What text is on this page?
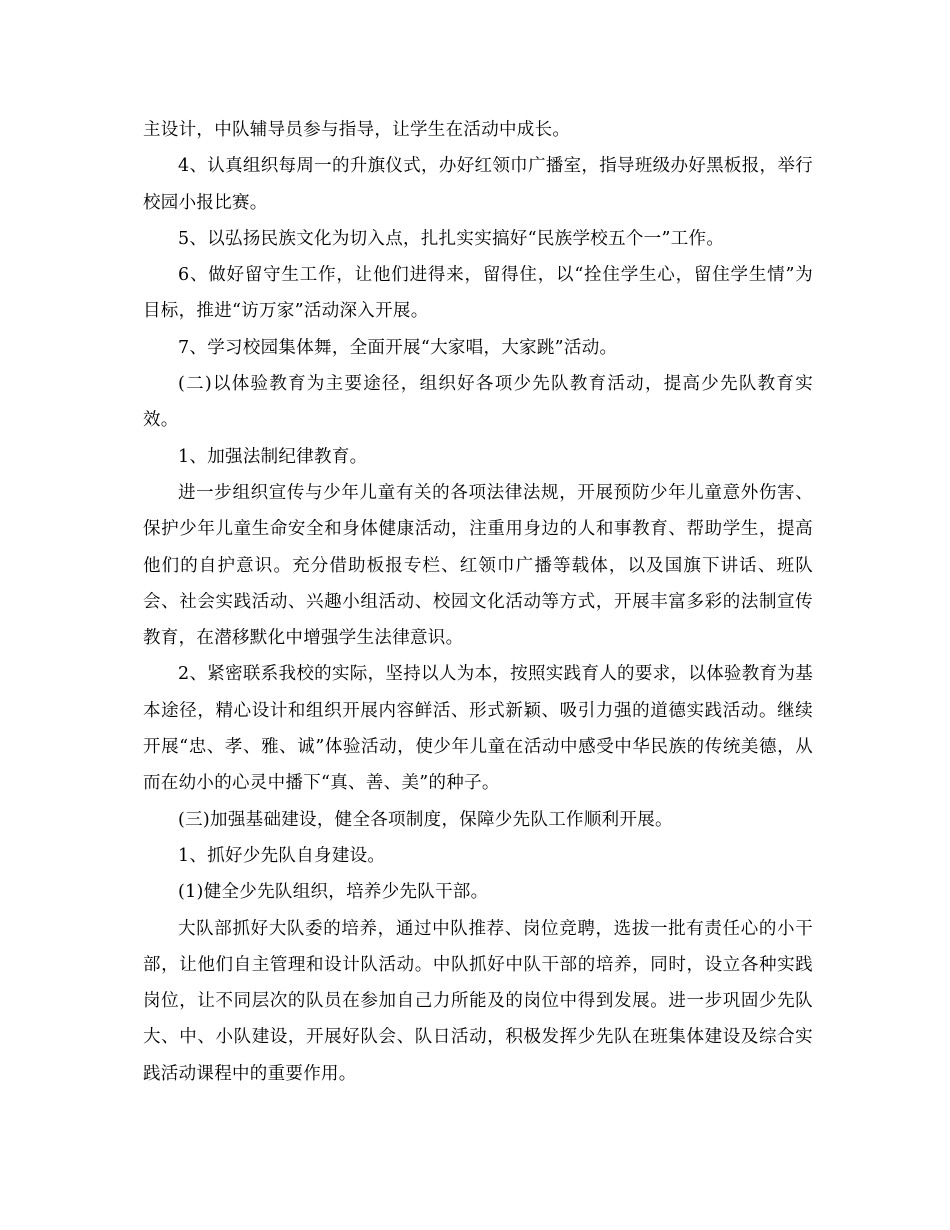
主设计，中队辅导员参与指导，让学生在活动中成长。

4、认真组织每周一的升旗仪式，办好红领巾广播室，指导班级办好黑板报，举行校园小报比赛。

5、以弘扬民族文化为切入点，扎扎实实搞好“民族学校五个一”工作。

6、做好留守生工作，让他们进得来，留得住，以“拴住学生心，留住学生情”为目标，推进“访万家”活动深入开展。

7、学习校园集体舞，全面开展“大家唱，大家跳”活动。

(二)以体验教育为主要途径，组织好各项少先队教育活动，提高少先队教育实效。

1、加强法制纪律教育。

进一步组织宣传与少年儿童有关的各项法律法规，开展预防少年儿童意外伤害、保护少年儿童生命安全和身体健康活动，注重用身边的人和事教育、帮助学生，提高他们的自护意识。充分借助板报专栏、红领巾广播等载体，以及国旗下讲话、班队会、社会实践活动、兴趣小组活动、校园文化活动等方式，开展丰富多彩的法制宣传教育，在潜移默化中增强学生法律意识。

2、紧密联系我校的实际，坚持以人为本，按照实践育人的要求，以体验教育为基本途径，精心设计和组织开展内容鲜活、形式新颖、吸引力强的道德实践活动。继续开展“忠、孝、雅、诚”体验活动，使少年儿童在活动中感受中华民族的传统美德，从而在幼小的心灵中播下“真、善、美”的种子。

(三)加强基础建设，健全各项制度，保障少先队工作顺利开展。

1、抓好少先队自身建设。

(1)健全少先队组织，培养少先队干部。

大队部抓好大队委的培养，通过中队推荐、岗位竞聘，选拔一批有责任心的小干部，让他们自主管理和设计队活动。中队抓好中队干部的培养，同时，设立各种实践岗位，让不同层次的队员在参加自己力所能及的岗位中得到发展。进一步巩固少先队大、中、小队建设，开展好队会、队日活动，积极发挥少先队在班集体建设及综合实践活动课程中的重要作用。
